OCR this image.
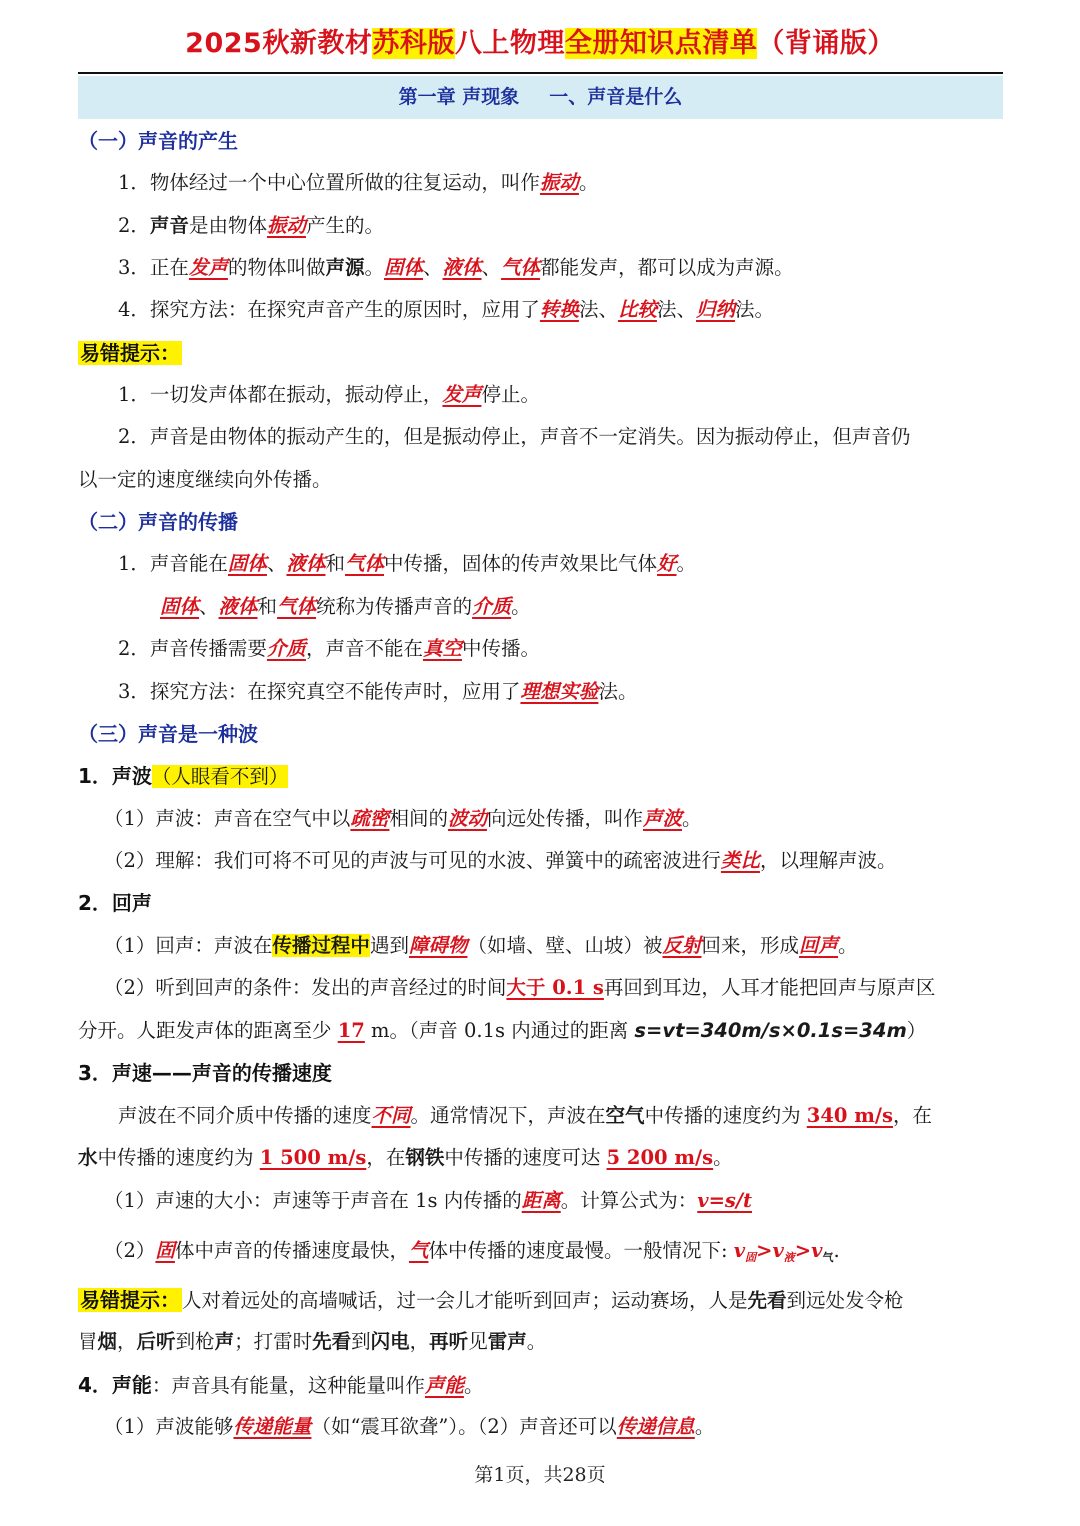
2025秋新教材苏科版八上物理全册知识点清单（背诵版）
第一章 声现象 一、声音是什么
（一）声音的产生
1．物体经过一个中心位置所做的往复运动，叫作振动。
2．声音是由物体振动产生的。
3．正在发声的物体叫做声源。固体、液体、气体都能发声，都可以成为声源。
4．探究方法：在探究声音产生的原因时，应用了转换法、比较法、归纳法。
易错提示：
1．一切发声体都在振动，振动停止，发声停止。
2．声音是由物体的振动产生的，但是振动停止，声音不一定消失。因为振动停止，但声音仍
以一定的速度继续向外传播。
（二）声音的传播
1．声音能在固体、液体和气体中传播，固体的传声效果比气体好。
固体、液体和气体统称为传播声音的介质。
2．声音传播需要介质，声音不能在真空中传播。
3．探究方法：在探究真空不能传声时，应用了理想实验法。
（三）声音是一种波
1．声波（人眼看不到）
（1）声波：声音在空气中以疏密相间的波动向远处传播，叫作声波。
（2）理解：我们可将不可见的声波与可见的水波、弹簧中的疏密波进行类比，以理解声波。
2．回声
（1）回声：声波在传播过程中遇到障碍物（如墙、壁、山坡）被反射回来，形成回声。
（2）听到回声的条件：发出的声音经过的时间大于 0.1 s再回到耳边，人耳才能把回声与原声区
分开。人距发声体的距离至少 17 m。（声音 0.1s 内通过的距离 s=vt=340m/s×0.1s=34m）
3．声速——声音的传播速度
声波在不同介质中传播的速度不同。通常情况下，声波在空气中传播的速度约为 340 m/s，在
水中传播的速度约为 1 500 m/s，在钢铁中传播的速度可达 5 200 m/s。
（1）声速的大小：声速等于声音在 1s 内传播的距离。计算公式为：v=s/t
（2）固体中声音的传播速度最快，气体中传播的速度最慢。一般情况下: $v_固>v_液>v_气$.
易错提示： 人对着远处的高墙喊话，过一会儿才能听到回声；运动赛场，人是先看到远处发令枪
冒烟，后听到枪声；打雷时先看到闪电，再听见雷声。
4．声能：声音具有能量，这种能量叫作声能。
（1）声波能够传递能量（如“震耳欲聋”）。（2）声音还可以传递信息。
第1页，共28页
